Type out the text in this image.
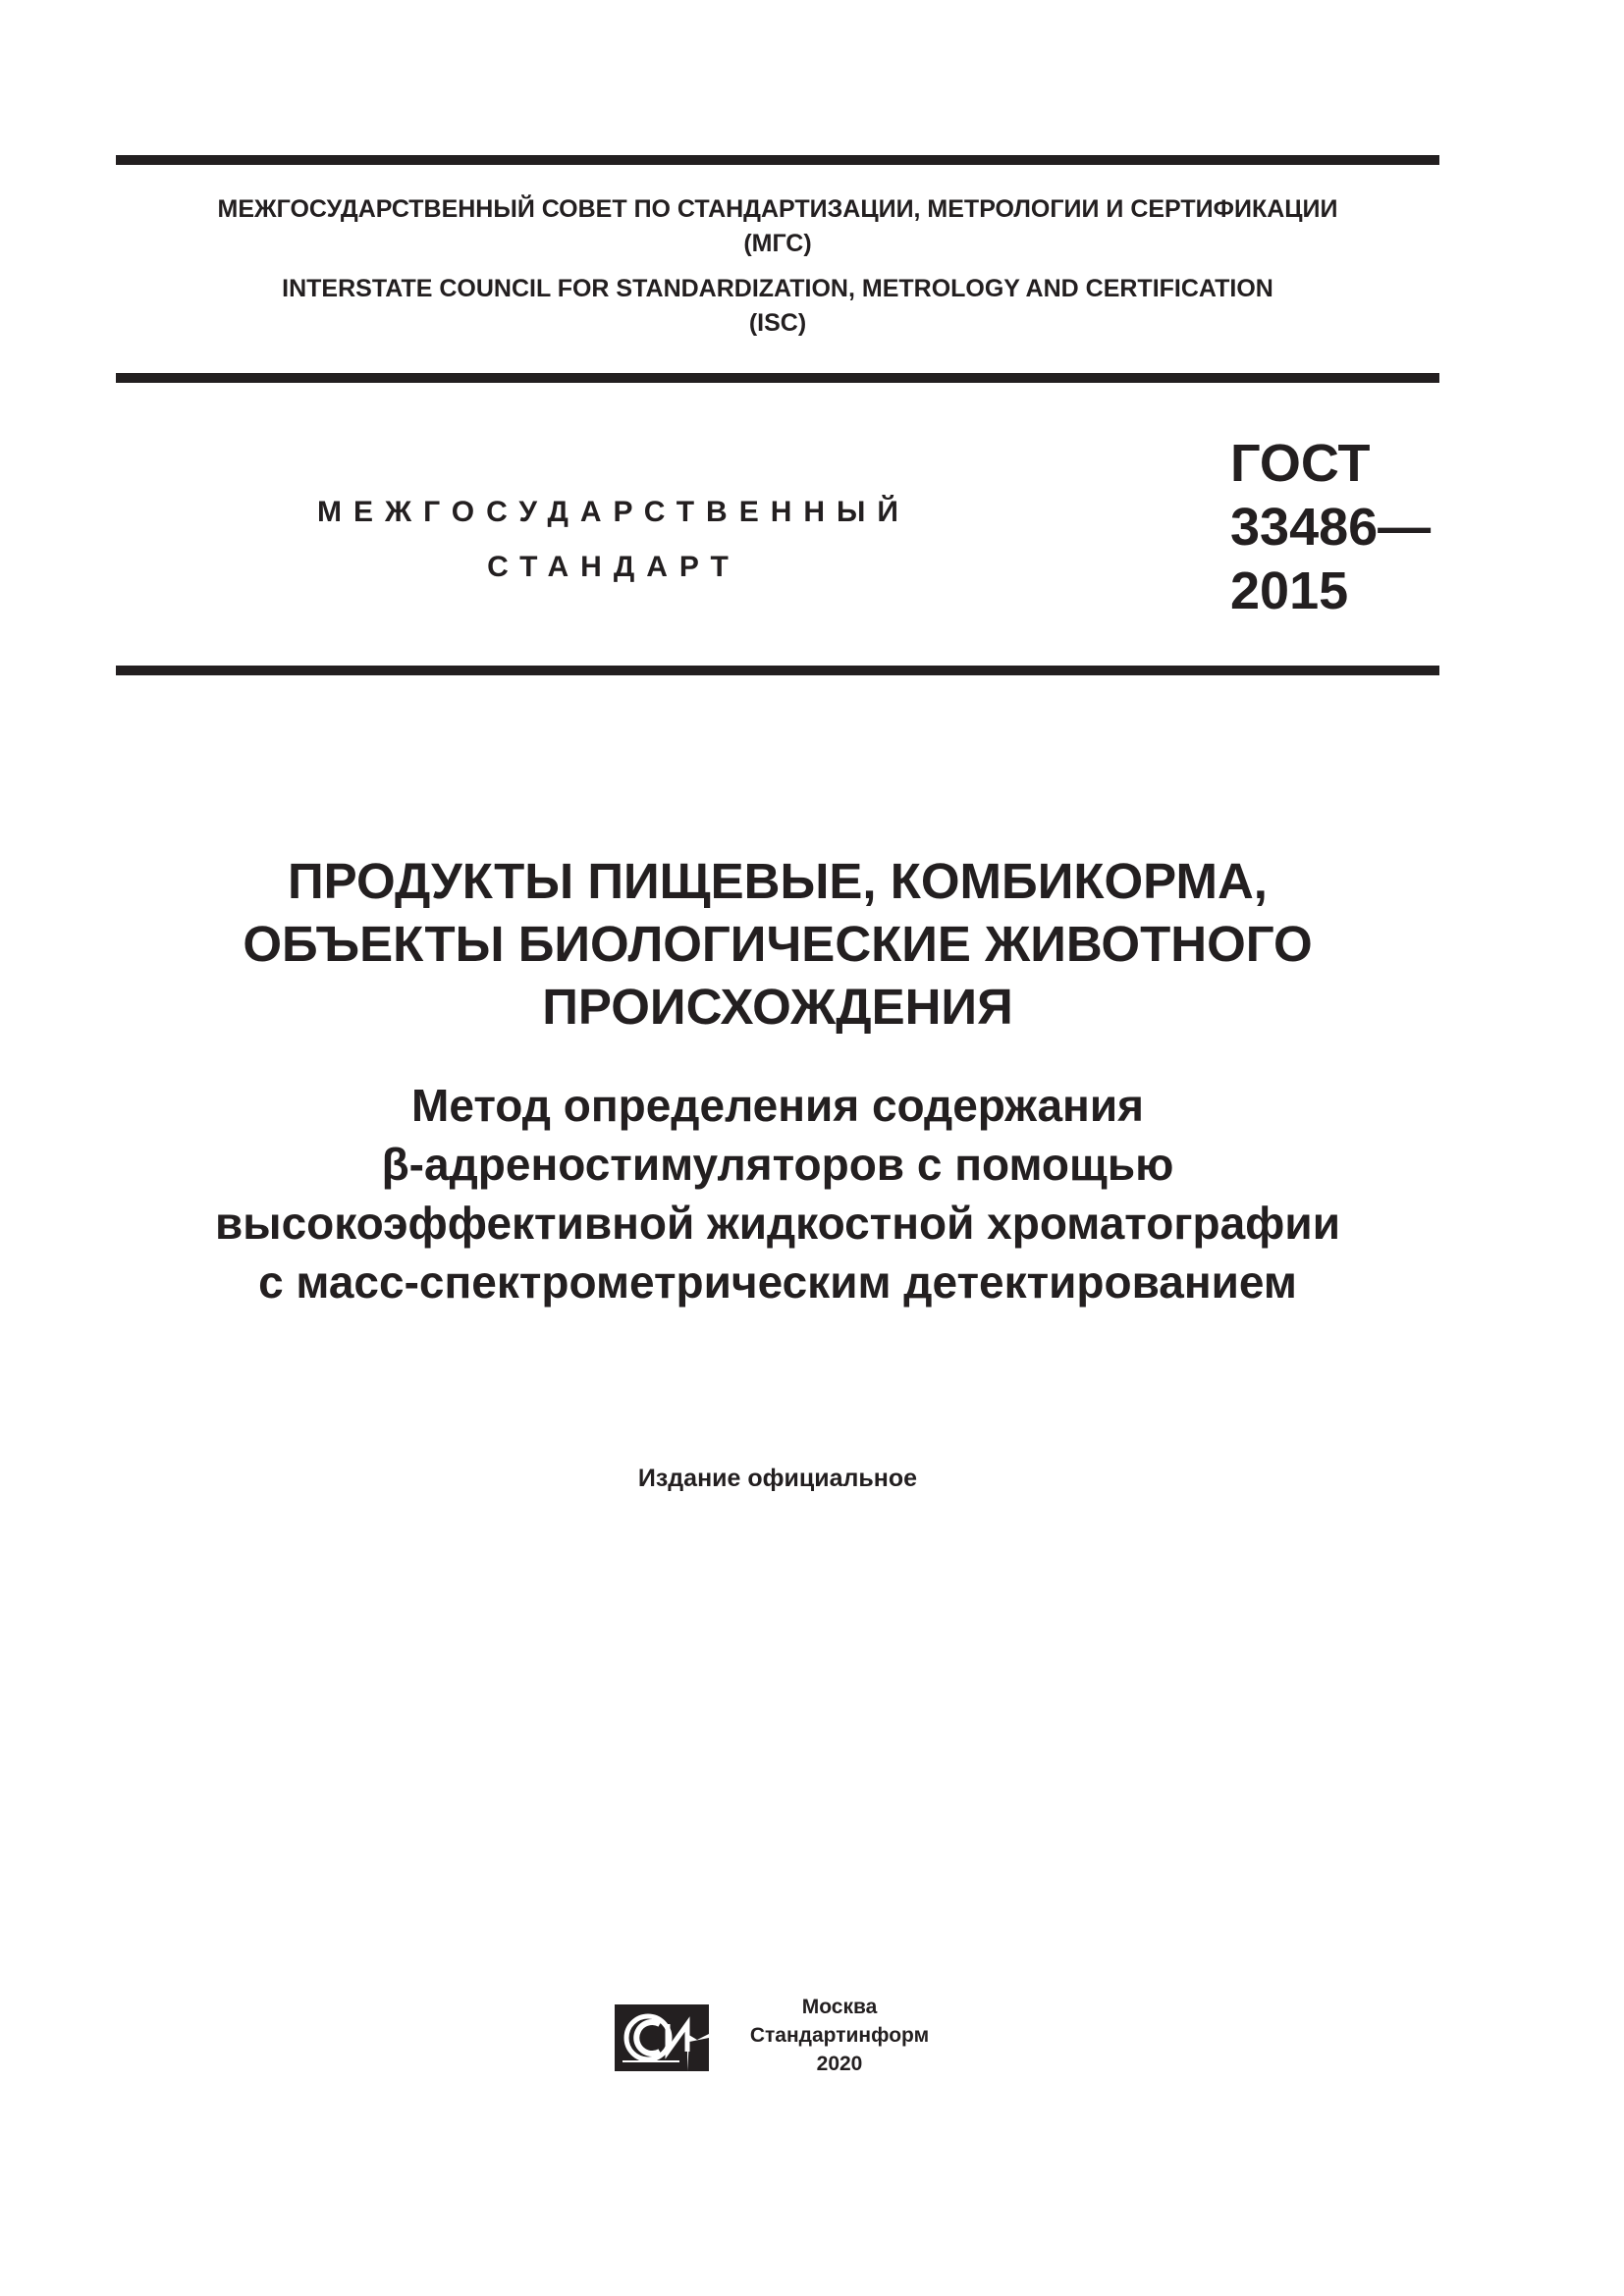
МЕЖГОСУДАРСТВЕННЫЙ СОВЕТ ПО СТАНДАРТИЗАЦИИ, МЕТРОЛОГИИ И СЕРТИФИКАЦИИ
(МГС)
INTERSTATE COUNCIL FOR STANDARDIZATION, METROLOGY AND CERTIFICATION
(ISC)
МЕЖГОСУДАРСТВЕННЫЙ
СТАНДАРТ
ГОСТ
33486—
2015
ПРОДУКТЫ ПИЩЕВЫЕ, КОМБИКОРМА,
ОБЪЕКТЫ БИОЛОГИЧЕСКИЕ ЖИВОТНОГО
ПРОИСХОЖДЕНИЯ
Метод определения содержания
β-адреностимуляторов с помощью
высокоэффективной жидкостной хроматографии
с масс-спектрометрическим детектированием
Издание официальное
Москва
Стандартинформ
2020
